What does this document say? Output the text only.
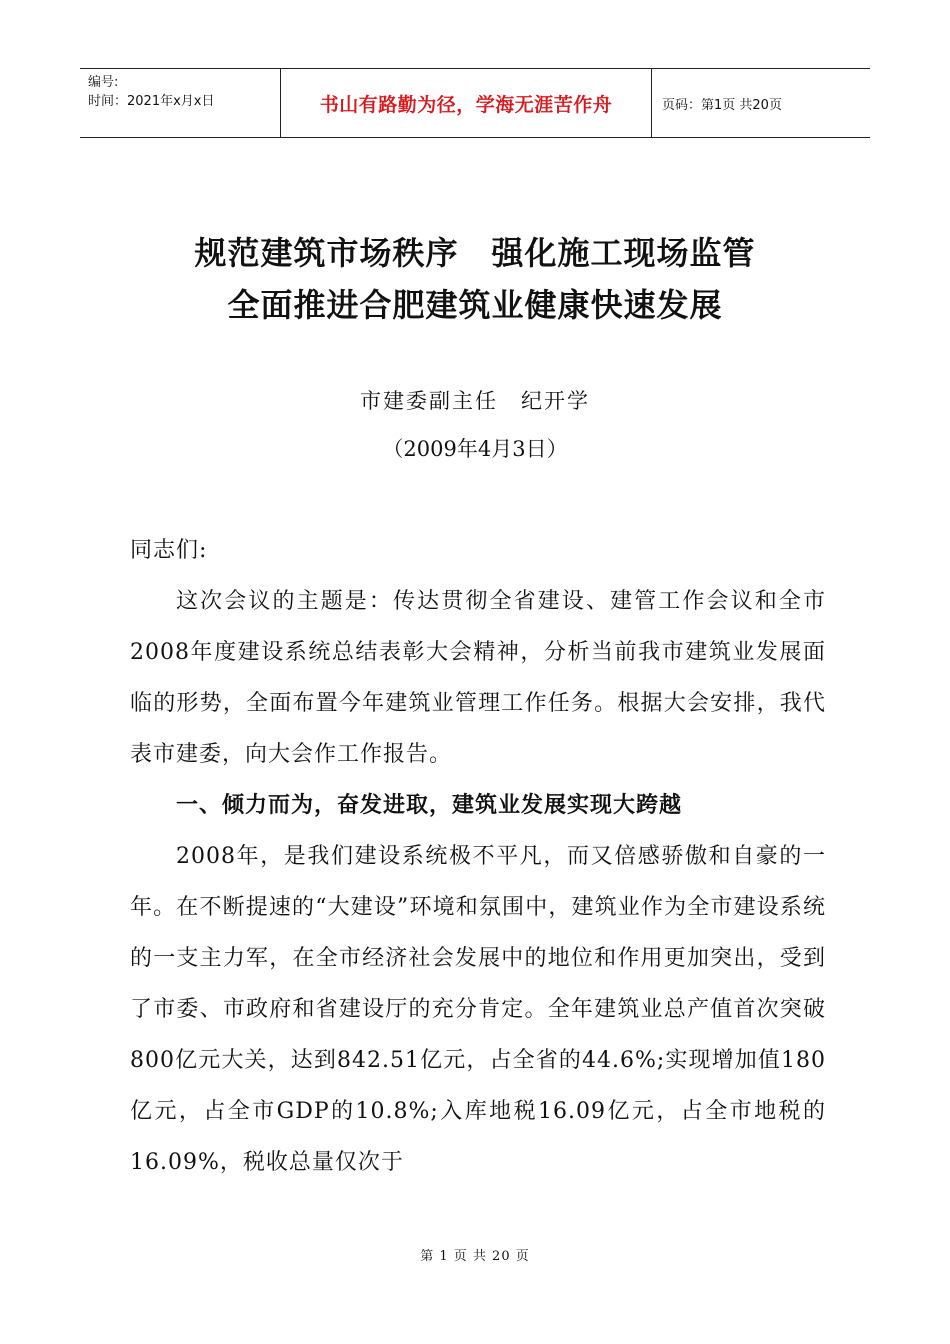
编号:
时间：2021年x月x日	书山有路勤为径，学海无涯苦作舟	页码：第1页 共20页
规范建筑市场秩序　强化施工现场监管
全面推进合肥建筑业健康快速发展
市建委副主任　纪开学
（2009年4月3日）

同志们:

这次会议的主题是：传达贯彻全省建设、建管工作会议和全市2008年度建设系统总结表彰大会精神，分析当前我市建筑业发展面临的形势，全面布置今年建筑业管理工作任务。根据大会安排，我代表市建委，向大会作工作报告。

一、倾力而为，奋发进取，建筑业发展实现大跨越

2008年，是我们建设系统极不平凡，而又倍感骄傲和自豪的一年。在不断提速的“大建设”环境和氛围中，建筑业作为全市建设系统的一支主力军，在全市经济社会发展中的地位和作用更加突出，受到了市委、市政府和省建设厅的充分肯定。全年建筑业总产值首次突破800亿元大关，达到842.51亿元，占全省的44.6%;实现增加值180亿元，占全市GDP的10.8%;入库地税16.09亿元，占全市地税的16.09%，税收总量仅次于

第 1 页 共 20 页
